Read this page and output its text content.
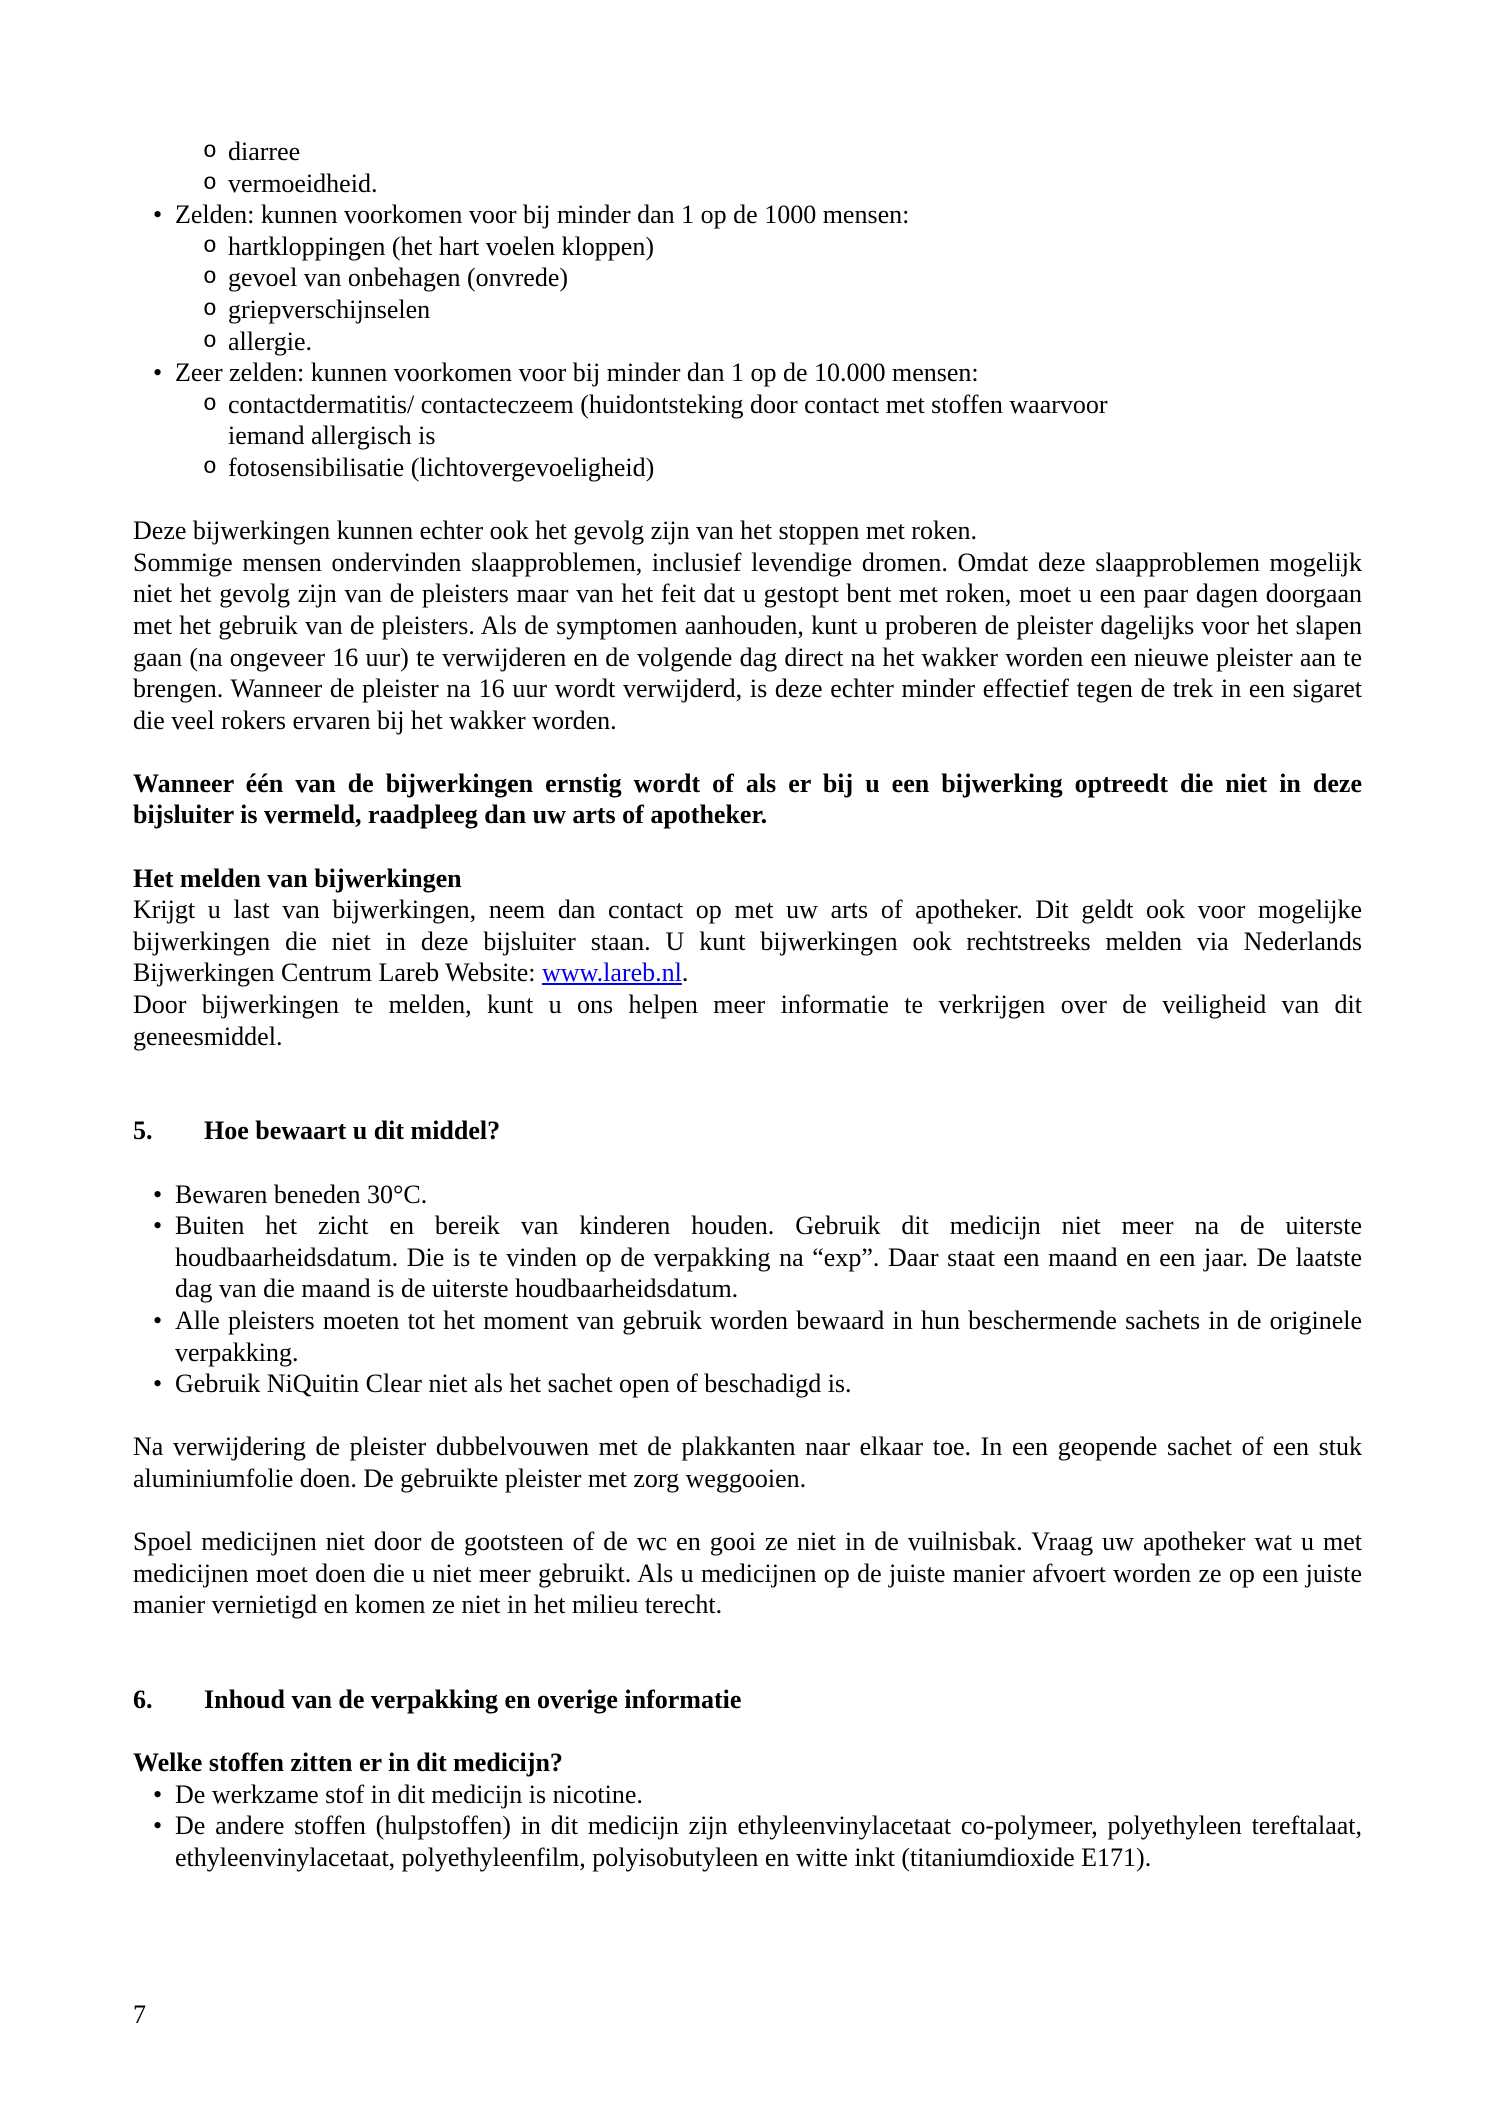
o diarree
o vermoeidheid.
• Zelden: kunnen voorkomen voor bij minder dan 1 op de 1000 mensen:
o hartkloppingen (het hart voelen kloppen)
o gevoel van onbehagen (onvrede)
o griepverschijnselen
o allergie.
• Zeer zelden: kunnen voorkomen voor bij minder dan 1 op de 10.000 mensen:
o contactdermatitis/ contacteczeem (huidontsteking door contact met stoffen waarvoor
iemand allergisch is
o fotosensibilisatie (lichtovergevoeligheid)
Deze bijwerkingen kunnen echter ook het gevolg zijn van het stoppen met roken.
Sommige mensen ondervinden slaapproblemen, inclusief levendige dromen. Omdat deze slaapproblemen mogelijk niet het gevolg zijn van de pleisters maar van het feit dat u gestopt bent met roken, moet u een paar dagen doorgaan met het gebruik van de pleisters. Als de symptomen aanhouden, kunt u proberen de pleister dagelijks voor het slapen gaan (na ongeveer 16 uur) te verwijderen en de volgende dag direct na het wakker worden een nieuwe pleister aan te brengen. Wanneer de pleister na 16 uur wordt verwijderd, is deze echter minder effectief tegen de trek in een sigaret die veel rokers ervaren bij het wakker worden.
Wanneer één van de bijwerkingen ernstig wordt of als er bij u een bijwerking optreedt die niet in deze bijsluiter is vermeld, raadpleeg dan uw arts of apotheker.
Het melden van bijwerkingen
Krijgt u last van bijwerkingen, neem dan contact op met uw arts of apotheker. Dit geldt ook voor mogelijke bijwerkingen die niet in deze bijsluiter staan. U kunt bijwerkingen ook rechtstreeks melden via Nederlands Bijwerkingen Centrum Lareb Website: www.lareb.nl.
Door bijwerkingen te melden, kunt u ons helpen meer informatie te verkrijgen over de veiligheid van dit geneesmiddel.
5. Hoe bewaart u dit middel?
• Bewaren beneden 30°C.
• Buiten het zicht en bereik van kinderen houden. Gebruik dit medicijn niet meer na de uiterste houdbaarheidsdatum. Die is te vinden op de verpakking na “exp”. Daar staat een maand en een jaar. De laatste dag van die maand is de uiterste houdbaarheidsdatum.
• Alle pleisters moeten tot het moment van gebruik worden bewaard in hun beschermende sachets in de originele verpakking.
• Gebruik NiQuitin Clear niet als het sachet open of beschadigd is.
Na verwijdering de pleister dubbelvouwen met de plakkanten naar elkaar toe. In een geopende sachet of een stuk aluminiumfolie doen. De gebruikte pleister met zorg weggooien.
Spoel medicijnen niet door de gootsteen of de wc en gooi ze niet in de vuilnisbak. Vraag uw apotheker wat u met medicijnen moet doen die u niet meer gebruikt. Als u medicijnen op de juiste manier afvoert worden ze op een juiste manier vernietigd en komen ze niet in het milieu terecht.
6. Inhoud van de verpakking en overige informatie
Welke stoffen zitten er in dit medicijn?
• De werkzame stof in dit medicijn is nicotine.
• De andere stoffen (hulpstoffen) in dit medicijn zijn ethyleenvinylacetaat co-polymeer, polyethyleen tereftalaat, ethyleenvinylacetaat, polyethyleenfilm, polyisobutyleen en witte inkt (titaniumdioxide E171).
7
